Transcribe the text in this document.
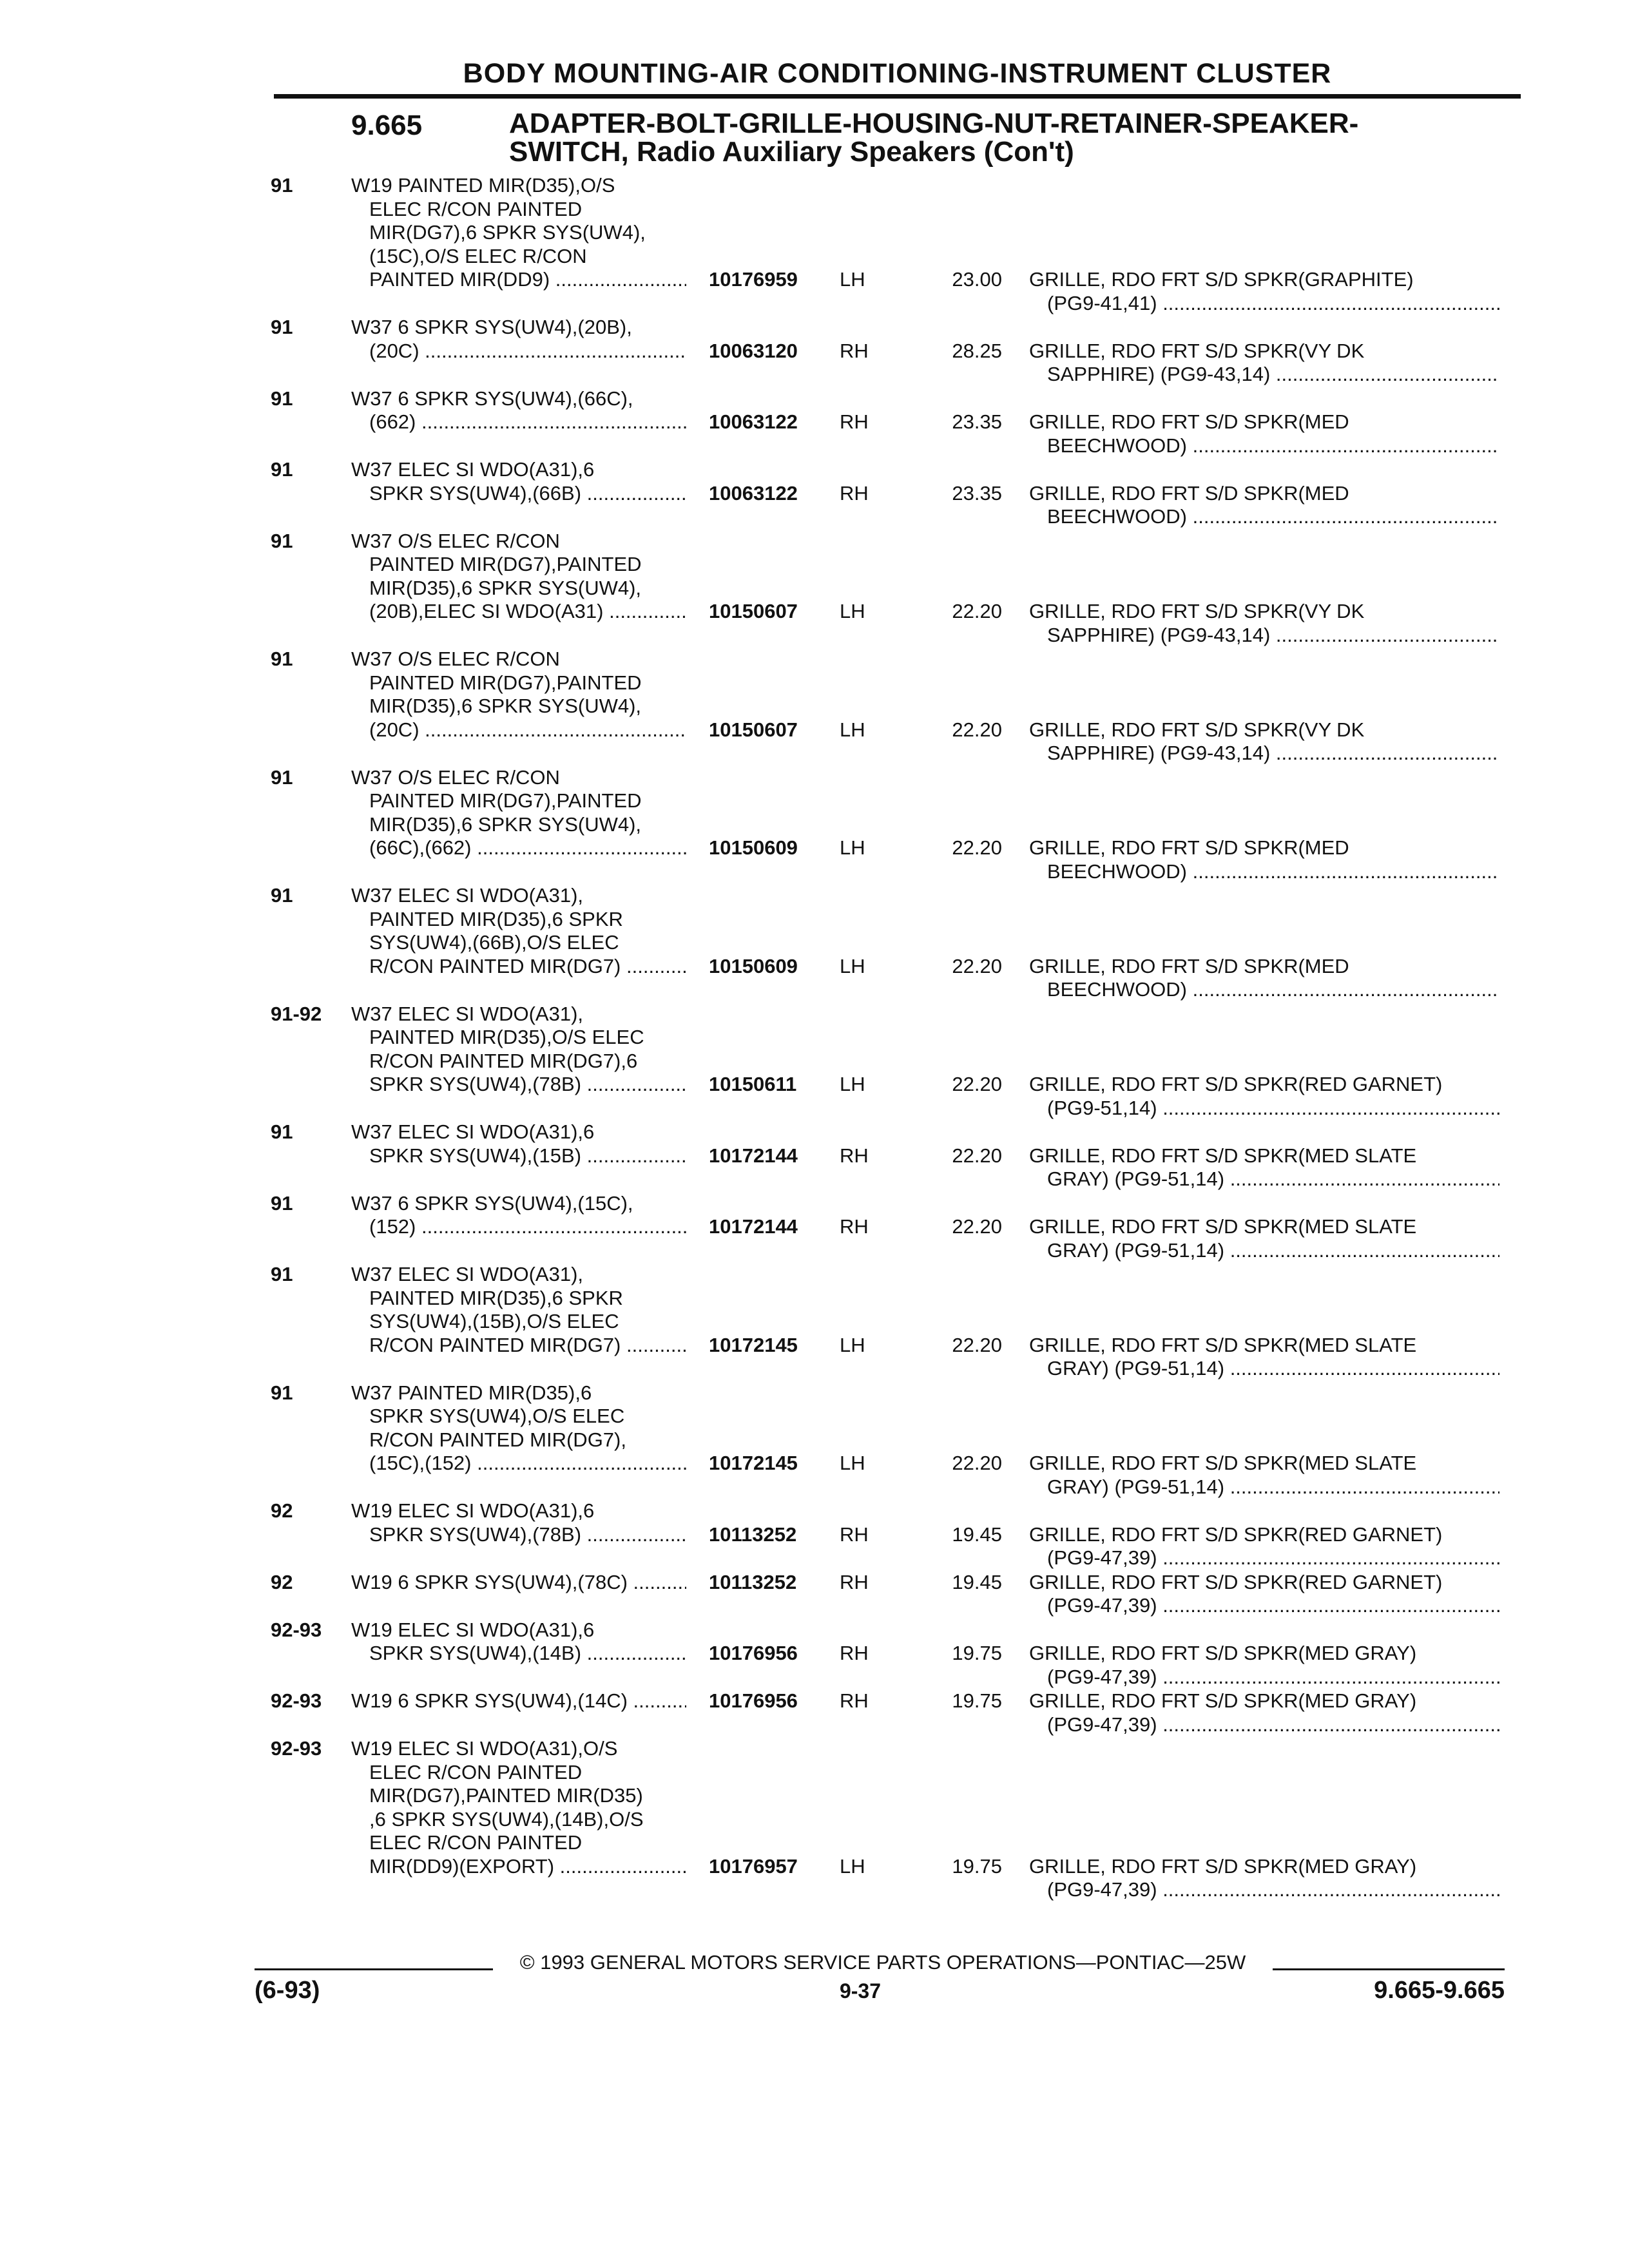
BODY MOUNTING-AIR CONDITIONING-INSTRUMENT CLUSTER
9.665	ADAPTER-BOLT-GRILLE-HOUSING-NUT-RETAINER-SPEAKER-
SWITCH, Radio Auxiliary Speakers (Con't)
91	W19 PAINTED MIR(D35),O/S
ELEC R/CON PAINTED
MIR(DG7),6 SPKR SYS(UW4),
(15C),O/S ELEC R/CON
PAINTED MIR(DD9) .....	10176959	LH	23.00 GRILLE, RDO FRT S/D SPKR(GRAPHITE)
(PG9-41,41) .....
91	W37 6 SPKR SYS(UW4),(20B),
(20C) .....	10063120	RH	28.25 GRILLE, RDO FRT S/D SPKR(VY DK
SAPPHIRE) (PG9-43,14) .....
91	W37 6 SPKR SYS(UW4),(66C),
(662) .....	10063122	RH	23.35 GRILLE, RDO FRT S/D SPKR(MED
BEECHWOOD) .....
91	W37 ELEC SI WDO(A31),6
SPKR SYS(UW4),(66B) .....	10063122	RH	23.35 GRILLE, RDO FRT S/D SPKR(MED
BEECHWOOD) .....
91	W37 O/S ELEC R/CON
PAINTED MIR(DG7),PAINTED
MIR(D35),6 SPKR SYS(UW4),
(20B),ELEC SI WDO(A31) .....	10150607	LH	22.20 GRILLE, RDO FRT S/D SPKR(VY DK
SAPPHIRE) (PG9-43,14) .....
91	W37 O/S ELEC R/CON
PAINTED MIR(DG7),PAINTED
MIR(D35),6 SPKR SYS(UW4),
(20C) .....	10150607	LH	22.20 GRILLE, RDO FRT S/D SPKR(VY DK
SAPPHIRE) (PG9-43,14) .....
91	W37 O/S ELEC R/CON
PAINTED MIR(DG7),PAINTED
MIR(D35),6 SPKR SYS(UW4),
(66C),(662) .....	10150609	LH	22.20 GRILLE, RDO FRT S/D SPKR(MED
BEECHWOOD) .....
91	W37 ELEC SI WDO(A31),
PAINTED MIR(D35),6 SPKR
SYS(UW4),(66B),O/S ELEC
R/CON PAINTED MIR(DG7) .....	10150609	LH	22.20 GRILLE, RDO FRT S/D SPKR(MED
BEECHWOOD) .....
91-92	W37 ELEC SI WDO(A31),
PAINTED MIR(D35),O/S ELEC
R/CON PAINTED MIR(DG7),6
SPKR SYS(UW4),(78B) .....	10150611	LH	22.20 GRILLE, RDO FRT S/D SPKR(RED GARNET)
(PG9-51,14) .....
91	W37 ELEC SI WDO(A31),6
SPKR SYS(UW4),(15B) .....	10172144	RH	22.20 GRILLE, RDO FRT S/D SPKR(MED SLATE
GRAY) (PG9-51,14) .....
91	W37 6 SPKR SYS(UW4),(15C),
(152) .....	10172144	RH	22.20 GRILLE, RDO FRT S/D SPKR(MED SLATE
GRAY) (PG9-51,14) .....
91	W37 ELEC SI WDO(A31),
PAINTED MIR(D35),6 SPKR
SYS(UW4),(15B),O/S ELEC
R/CON PAINTED MIR(DG7) .....	10172145	LH	22.20 GRILLE, RDO FRT S/D SPKR(MED SLATE
GRAY) (PG9-51,14) .....
91	W37 PAINTED MIR(D35),6
SPKR SYS(UW4),O/S ELEC
R/CON PAINTED MIR(DG7),
(15C),(152) .....	10172145	LH	22.20 GRILLE, RDO FRT S/D SPKR(MED SLATE
GRAY) (PG9-51,14) .....
92	W19 ELEC SI WDO(A31),6
SPKR SYS(UW4),(78B) .....	10113252	RH	19.45 GRILLE, RDO FRT S/D SPKR(RED GARNET)
(PG9-47,39) .....
92	W19 6 SPKR SYS(UW4),(78C) .....	10113252	RH	19.45 GRILLE, RDO FRT S/D SPKR(RED GARNET)
(PG9-47,39) .....
92-93	W19 ELEC SI WDO(A31),6
SPKR SYS(UW4),(14B) .....	10176956	RH	19.75 GRILLE, RDO FRT S/D SPKR(MED GRAY)
(PG9-47,39) .....
92-93	W19 6 SPKR SYS(UW4),(14C) .....	10176956	RH	19.75 GRILLE, RDO FRT S/D SPKR(MED GRAY)
(PG9-47,39) .....
92-93	W19 ELEC SI WDO(A31),O/S
ELEC R/CON PAINTED
MIR(DG7),PAINTED MIR(D35)
,6 SPKR SYS(UW4),(14B),O/S
ELEC R/CON PAINTED
MIR(DD9)(EXPORT) .....	10176957	LH	19.75 GRILLE, RDO FRT S/D SPKR(MED GRAY)
(PG9-47,39) .....
© 1993 GENERAL MOTORS SERVICE PARTS OPERATIONS—PONTIAC—25W
(6-93)	9-37	9.665-9.665
